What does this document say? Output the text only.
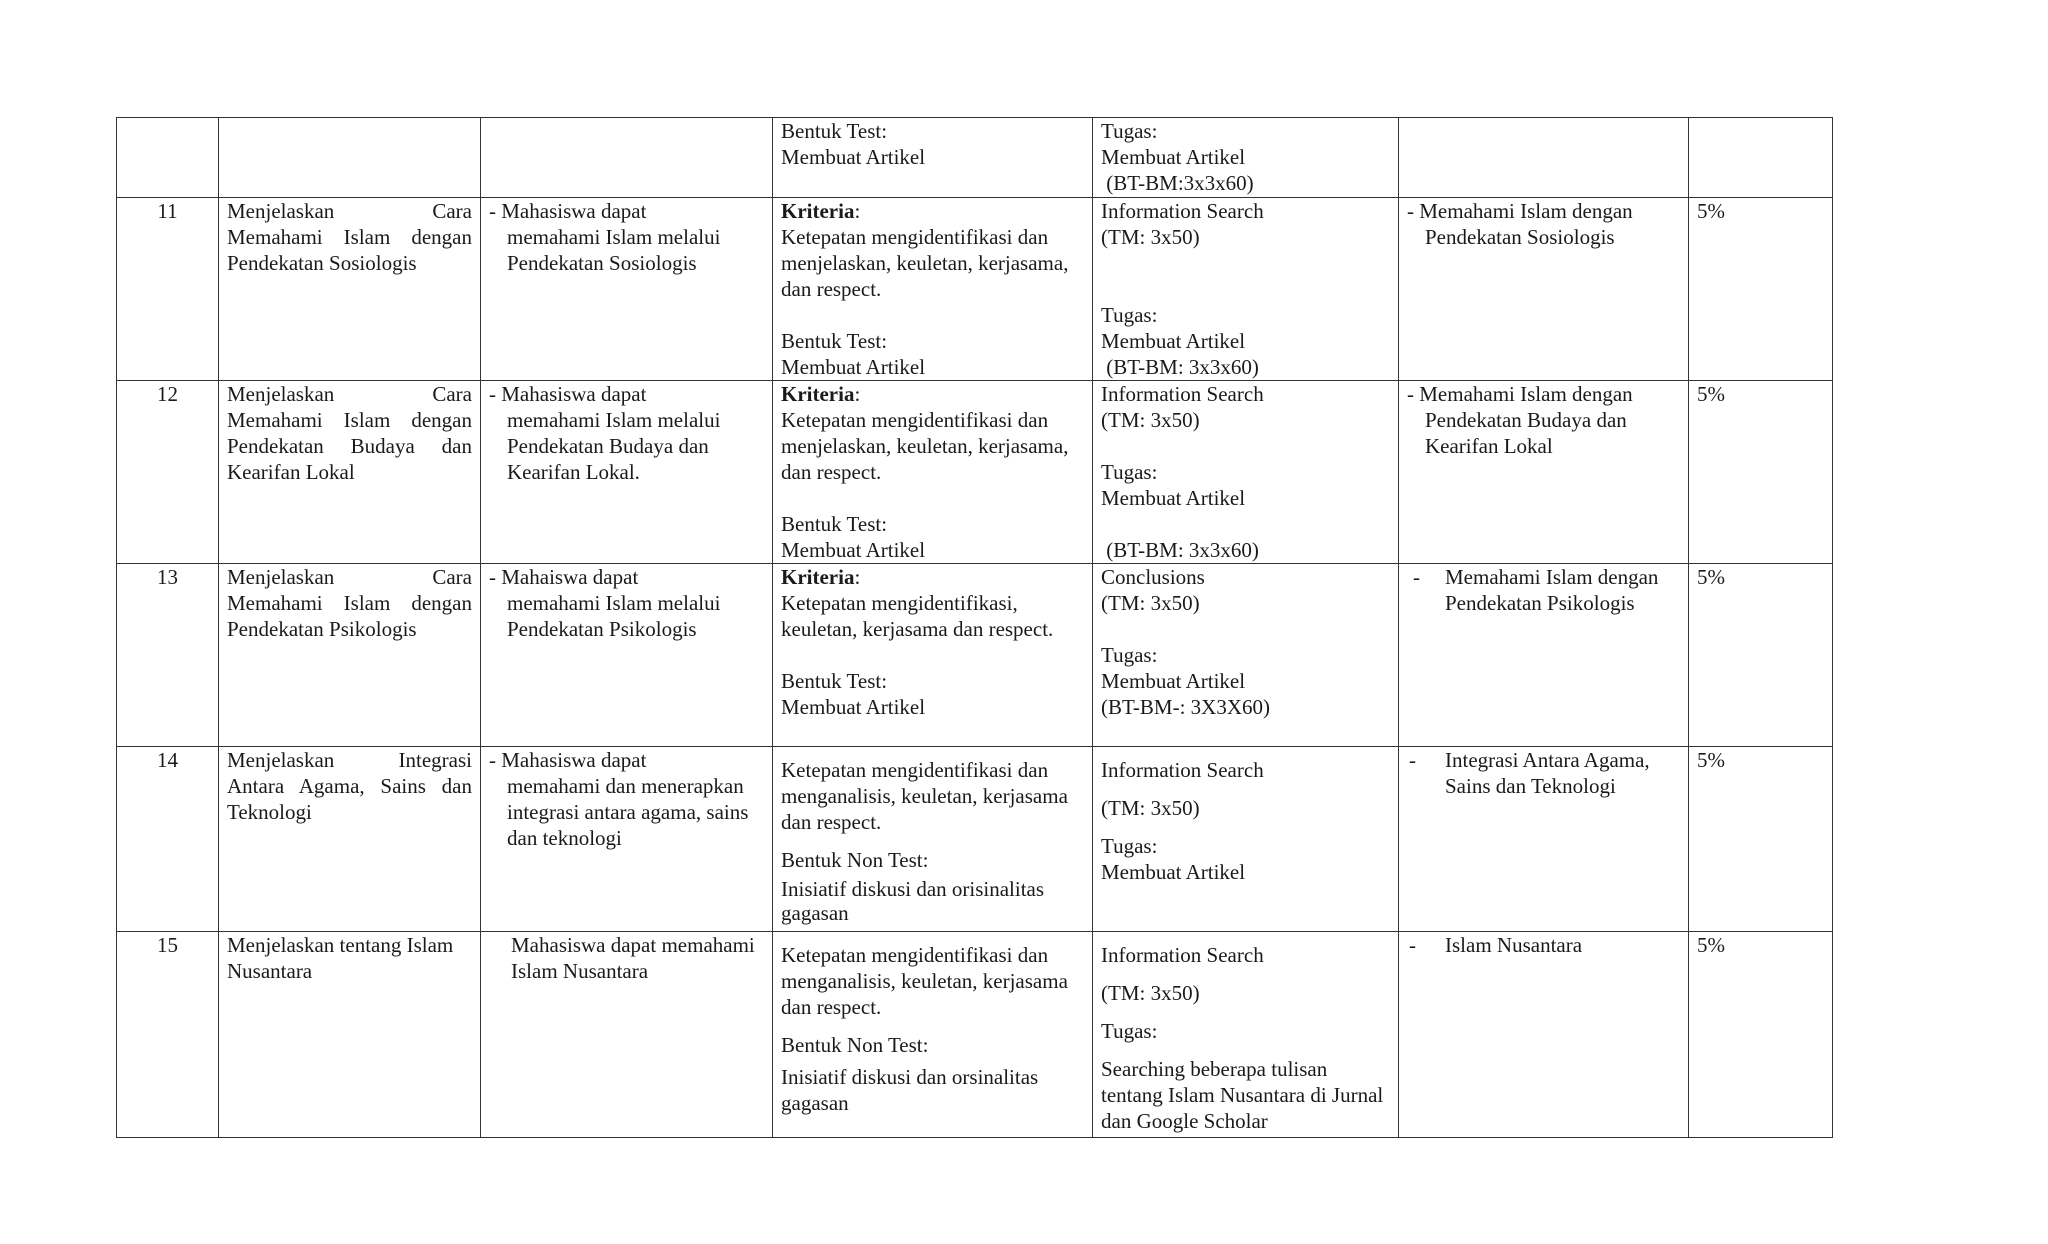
			Bentuk Test:
Membuat Artikel	Tugas:
Membuat Artikel
(BT-BM:3x3x60)		

11	Menjelaskan Cara Memahami Islam dengan Pendekatan Sosiologis	- Mahasiswa dapat
memahami Islam melalui Pendekatan Sosiologis	Kriteria:
Ketepatan mengidentifikasi dan menjelaskan, keuletan, kerjasama, dan respect.
Bentuk Test:
Membuat Artikel	Information Search
(TM: 3x50)
Tugas:
Membuat Artikel
(BT-BM: 3x3x60)	- Memahami Islam dengan
Pendekatan Sosiologis	5%
12	Menjelaskan Cara Memahami Islam dengan Pendekatan Budaya dan Kearifan Lokal	- Mahasiswa dapat
memahami Islam melalui Pendekatan Budaya dan Kearifan Lokal.	Kriteria:
Ketepatan mengidentifikasi dan menjelaskan, keuletan, kerjasama, dan respect.
Bentuk Test:
Membuat Artikel	Information Search
(TM: 3x50)
Tugas:
Membuat Artikel
(BT-BM: 3x3x60)	- Memahami Islam dengan
Pendekatan Budaya dan Kearifan Lokal	5%
13	Menjelaskan Cara Memahami Islam dengan Pendekatan Psikologis	- Mahaiswa dapat
memahami Islam melalui Pendekatan Psikologis	Kriteria:
Ketepatan mengidentifikasi, keuletan, kerjasama dan respect.
Bentuk Test:
Membuat Artikel	Conclusions
(TM: 3x50)
Tugas:
Membuat Artikel
(BT-BM-: 3X3X60)	- Memahami Islam dengan Pendekatan Psikologis	5%
14	Menjelaskan Integrasi Antara Agama, Sains dan Teknologi	- Mahasiswa dapat
memahami dan menerapkan integrasi antara agama, sains dan teknologi	Ketepatan mengidentifikasi dan menganalisis, keuletan, kerjasama dan respect.
Bentuk Non Test:
Inisiatif diskusi dan orisinalitas gagasan	Information Search
(TM: 3x50)
Tugas:
Membuat Artikel	- Integrasi Antara Agama, Sains dan Teknologi	5%
15	Menjelaskan tentang Islam Nusantara	Mahasiswa dapat memahami Islam Nusantara	Ketepatan mengidentifikasi dan menganalisis, keuletan, kerjasama dan respect.
Bentuk Non Test:
Inisiatif diskusi dan orsinalitas gagasan	Information Search
(TM: 3x50)
Tugas:
Searching beberapa tulisan tentang Islam Nusantara di Jurnal dan Google Scholar	- Islam Nusantara	5%
